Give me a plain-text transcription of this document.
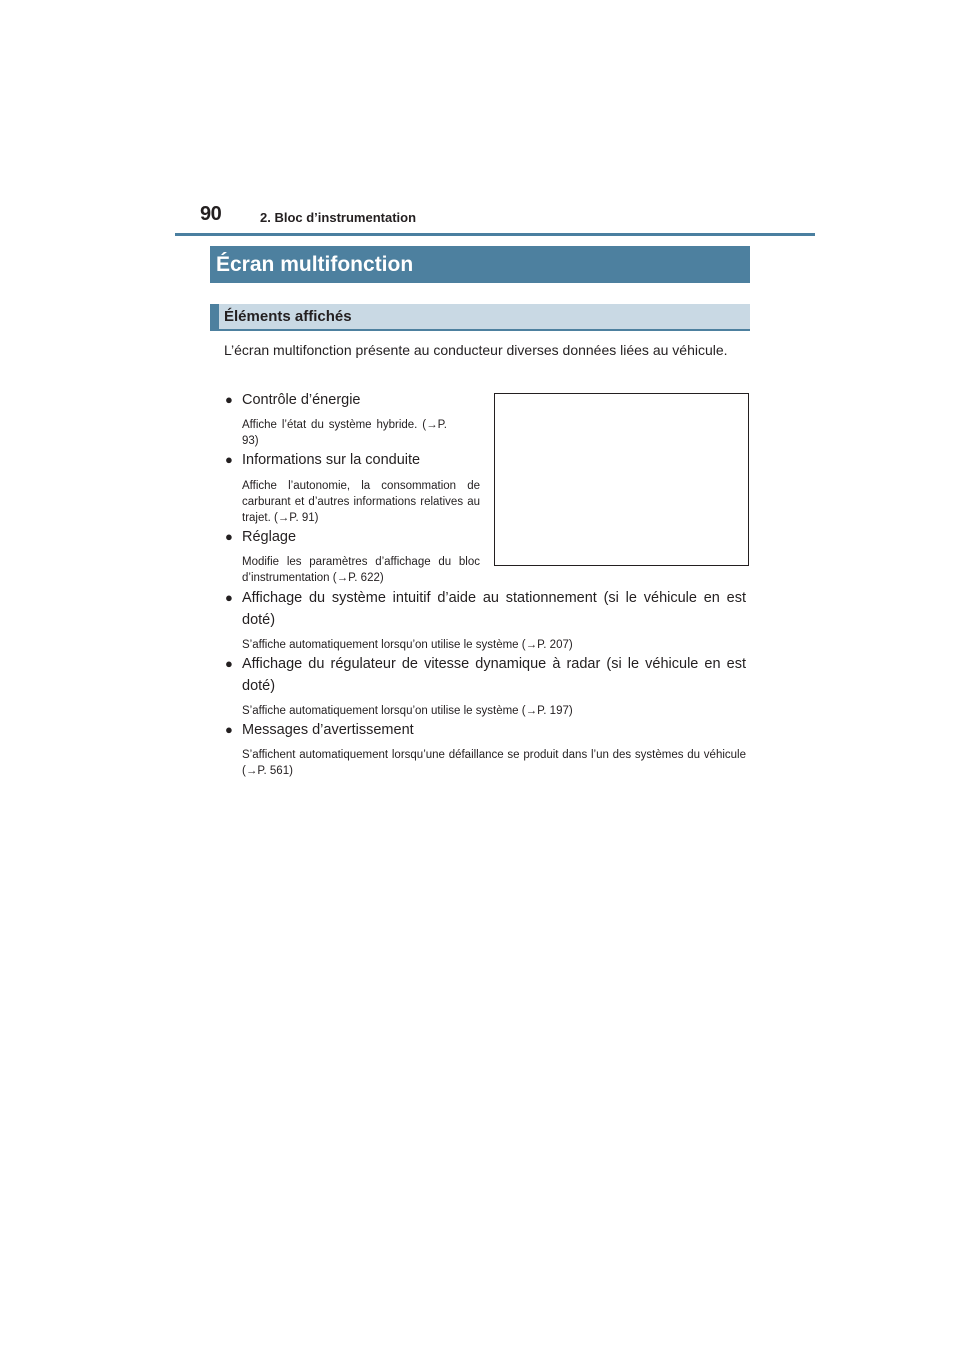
90	2. Bloc d’instrumentation
Écran multifonction
Éléments affichés
L’écran multifonction présente au conducteur diverses données liées au véhicule.
● Contrôle d’énergie
Affiche l’état du système hybride. (→P. 93)
● Informations sur la conduite
Affiche l’autonomie, la consommation de carburant et d’autres informations relatives au trajet. (→P. 91)
● Réglage
Modifie les paramètres d’affichage du bloc d’instrumentation (→P. 622)
● Affichage du système intuitif d’aide au stationnement (si le véhicule en est doté)
S’affiche automatiquement lorsqu’on utilise le système (→P. 207)
● Affichage du régulateur de vitesse dynamique à radar (si le véhicule en est doté)
S’affiche automatiquement lorsqu’on utilise le système (→P. 197)
● Messages d’avertissement
S’affichent automatiquement lorsqu’une défaillance se produit dans l’un des systèmes du véhicule (→P. 561)
